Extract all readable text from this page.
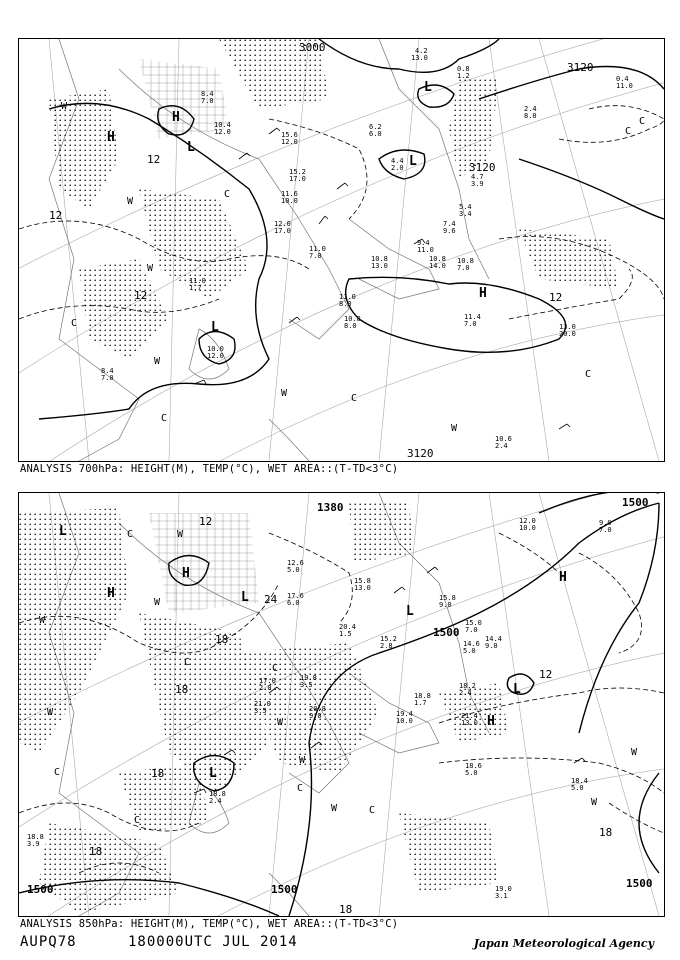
3000
3120
3120
3120
12
12
12	12
H
H
H
L
L
L
L
W
W
W
W
W
W
C
C
C
C
C
C
C
15.6
12.0
15.2
17.0
11.6
10.0
12.0
17.0
11.0
7.0
9.4
11.0
10.8
13.0
10.8
14.0
10.8
7.0
11.0
8.0
10.8
8.0
11.4
7.0	13.0
20.0
10.6
2.4
4.2
13.0
6.2
6.0
4.4
2.0
8.4
7.0
10.4
12.0
10.0
12.0
11.0
1.7
8.4
7.0
2.4
8.0
0.4
11.0
7.4
9.6
4.7
3.9
5.4
3.4
0.8
1.2
ANALYSIS 700hPa: HEIGHT(M), TEMP(°C), WET AREA::(T-TD<3°C)
1500
1500
1500
1500	1500
1380
24
18
18
18
18
18
18
12
12
H
H	H
H
L
L
L
L
L
W
W
W
W
W
W
W
W
W
C
C
C
C
C
C
C
15.8
13.0
15.8
9.0
15.0
7.0
14.6
5.0
14.4
9.0
15.2
2.8
20.4
1.5
18.2
2.4
18.8
1.7
19.4
10.0
21.4
13.0
18.6
5.0
18.4
5.0
19.0
3.1
18.8
2.4
19.8
3.5
20.8
9.0
21.0
3.5
17.0
2.0
17.6
6.0
12.6
5.0
9.0
7.0
12.0
10.0
18.8
3.9
ANALYSIS 850hPa: HEIGHT(M), TEMP(°C), WET AREA::(T-TD<3°C)
AUPQ78	180000UTC JUL 2014	Japan Meteorological Agency
